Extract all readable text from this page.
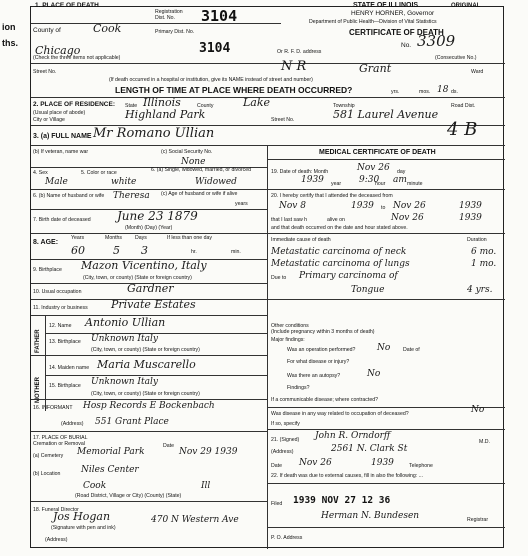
ion
ths.
1. PLACE OF DEATH
Registration
Dist. No. 3104
County of	Cook	Primary Dist. No.
3104
STATE OF ILLINOIS	ORIGINAL
HENRY HORNER, Governor
Department of Public Health—Division of Vital Statistics
CERTIFICATE OF DEATH
No. 3309
(Consecutive No.)
Chicago
(Check the three items not applicable)
Or R. F. D. address
Street No.	N R	Grant	Ward
(If death occurred in a hospital or institution, give its NAME instead of street and number)
LENGTH OF TIME AT PLACE WHERE DEATH OCCURRED?	yrs.	mos. 18 ds.
2. PLACE OF RESIDENCE: State Illinois	County	Lake	Township	Road Dist.
(Usual place of abode)	Highland Park	581 Laurel Avenue
City or Village	Street No.
3. (a) FULL NAME Mr Romano Ullian	4 B
(b) If veteran, name war	(c) Social Security No.
None
4. Sex
Male
5. Color or race
white
6. (a) Single, widowed, married, or divorced
Widowed
6. (b) Name of husband or wife Theresa (c) Age of husband or wife if alive
years
7. Birth date of deceased June 23 1879
(Month) (Day) (Year)
8. AGE:
Years	Months Days	If less than one day
60	5 3	hr.	min.
9. Birthplace Mazon Vicentino, Italy
(City, town, or county) (State or foreign country)
10. Usual occupation	Gardner
11. Industry or business Private Estates
FATHER
12. Name Antonio Ullian
13. Birthplace Unknown Italy
(City, town, or county) (State or foreign country)
MOTHER
14. Maiden name Maria Muscarello
15. Birthplace Unknown Italy
(City, town, or county) (State or foreign country)
16. INFORMANT Hosp Records E Bockenbach
(Address) 551 Grant Place
17. PLACE OF BURIAL
Cremation or Removal
(a) Cemetery Memorial Park
Date
Nov 29 1939
(b) Location Niles Center
Cook	Ill
(Road District, Village or City) (County) (State)
18. Funeral Director
Jos Hogan
(Signature with pen and ink)
(Address)
470 N Western Ave
MEDICAL CERTIFICATE OF DEATH
19. Date of death: Month	Nov 26 day
1939 year 9:30
hour am minute
20. I hereby certify that I attended the deceased from
Nov 8	1939 to Nov 26	1939
that I last saw h	alive on	Nov 26	1939
and that death occurred on the date and hour stated above.
Immediate cause of death	Duration
Metastatic carcinoma of neck	6 mo.
Metastatic carcinoma of lungs	1 mo.
Due to Primary carcinoma of
Tongue	4 yrs.
Other conditions
(Include pregnancy within 3 months of death)
Major findings:
Was an operation performed? No Date of
For what disease or injury?
Was there an autopsy?	No
Findings?
If a communicable disease; where contracted?
Was disease in any way related to occupation of deceased?	No
If so, specify
21. (Signed) John R. Orndorff
M.D.
(Address)	2561 N. Clark St
Date Nov 26	1939	Telephone
22. If death was due to external causes, fill in also the following: ...
Filed 1939 NOV 27 12 36
Herman N. Bundesen	Registrar
P. O. Address
